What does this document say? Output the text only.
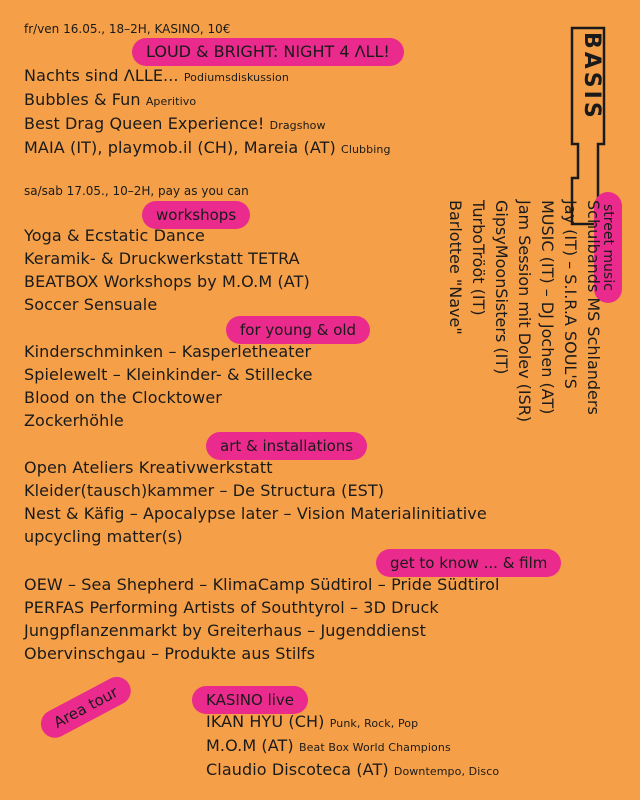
BASIS
fr/ven 16.05., 18–2H, KASINO, 10€
LOUD & BRIGHT: NIGHT 4 ΛLL!
Nachts sind ΛLLE... Podiumsdiskussion
Bubbles & Fun Aperitivo
Best Drag Queen Experience! Dragshow
MAIA (IT), playmob.il (CH), Mareia (AT) Clubbing
sa/sab 17.05., 10–2H, pay as you can
workshops
Yoga & Ecstatic Dance
Keramik- & Druckwerkstatt TETRA
BEATBOX Workshops by M.O.M (AT)
Soccer Sensuale
for young & old
Kinderschminken – Kasperletheater
Spielewelt – Kleinkinder- & Stillecke
Blood on the Clocktower
Zockerhöhle
art & installations
Open Ateliers Kreativwerkstatt
Kleider(tausch)kammer – De Structura (EST)
Nest & Käfig – Apocalypse later – Vision Materialinitiative
upcycling matter(s)
get to know ... & film
OEW – Sea Shepherd – KlimaCamp Südtirol – Pride Südtirol
PERFAS Performing Artists of Southtyrol – 3D Druck
Jungpflanzenmarkt by Greiterhaus – Jugenddienst
Obervinschgau – Produkte aus Stilfs
KASINO live
IKAN HYU (CH) Punk, Rock, Pop
M.O.M (AT) Beat Box World Champions
Claudio Discoteca (AT) Downtempo, Disco
Area tour
street music
Schulbands MS Schlanders
Jay (IT) – S.I.R.A SOUL'S
MUSIC (IT) – DJ Jochen (AT)
Jam Session mit Dolev (ISR)
GipsyMoonSisters (IT)
TurboTrööt (IT)
Barlottee "Nave"
